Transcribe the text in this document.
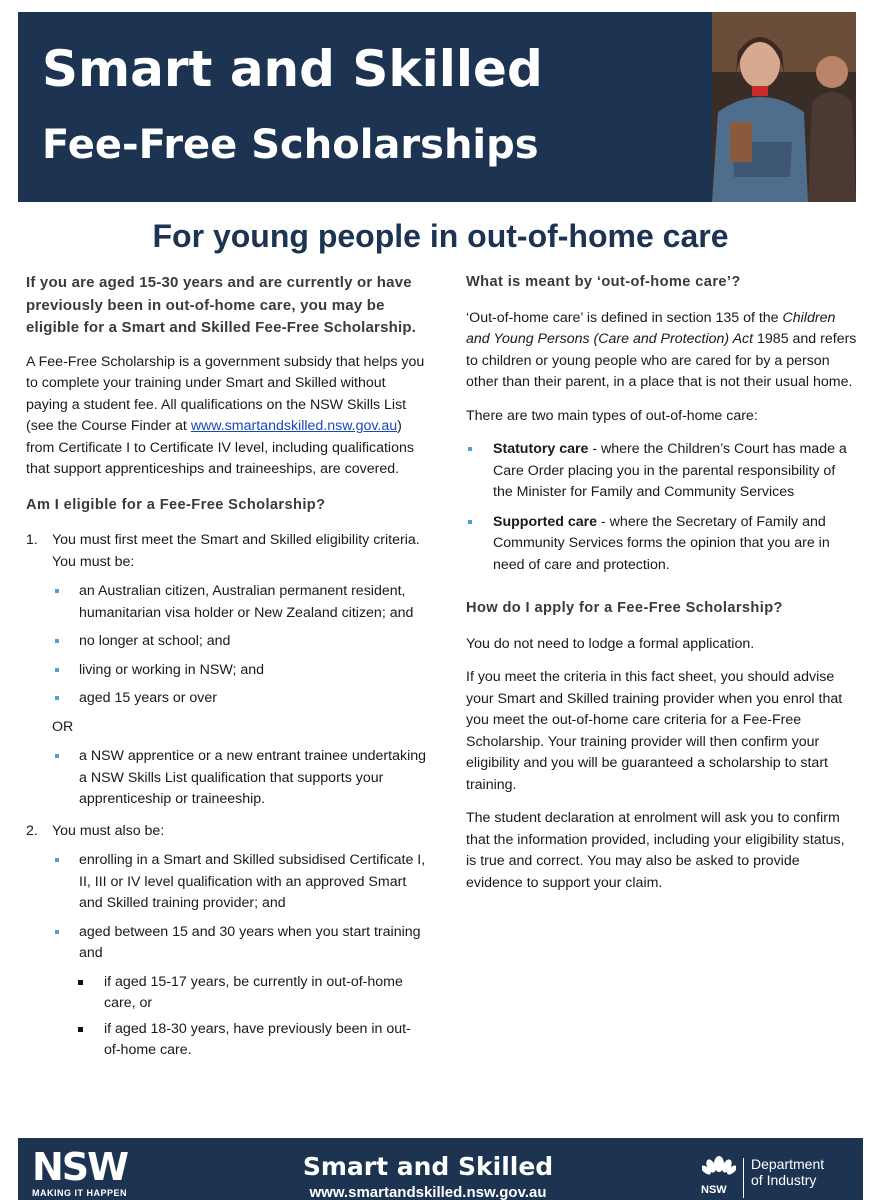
Smart and Skilled
Fee-Free Scholarships
For young people in out-of-home care
If you are aged 15-30 years and are currently or have previously been in out-of-home care, you may be eligible for a Smart and Skilled Fee-Free Scholarship.

A Fee-Free Scholarship is a government subsidy that helps you to complete your training under Smart and Skilled without paying a student fee. All qualifications on the NSW Skills List (see the Course Finder at www.smartandskilled.nsw.gov.au) from Certificate I to Certificate IV level, including qualifications that support apprenticeships and traineeships, are covered.

Am I eligible for a Fee-Free Scholarship?
1. You must first meet the Smart and Skilled eligibility criteria. You must be:
an Australian citizen, Australian permanent resident, humanitarian visa holder or New Zealand citizen; and
no longer at school; and
living or working in NSW; and
aged 15 years or over
OR
a NSW apprentice or a new entrant trainee undertaking a NSW Skills List qualification that supports your apprenticeship or traineeship.
2. You must also be:
enrolling in a Smart and Skilled subsidised Certificate I, II, III or IV level qualification with an approved Smart and Skilled training provider; and
aged between 15 and 30 years when you start training and
if aged 15-17 years, be currently in out-of-home care, or
if aged 18-30 years, have previously been in out-of-home care.
What is meant by ‘out-of-home care’?

‘Out-of-home care’ is defined in section 135 of the Children and Young Persons (Care and Protection) Act 1985 and refers to children or young people who are cared for by a person other than their parent, in a place that is not their usual home.

There are two main types of out-of-home care:

Statutory care - where the Children’s Court has made a Care Order placing you in the parental responsibility of the Minister for Family and Community Services
Supported care - where the Secretary of Family and Community Services forms the opinion that you are in need of care and protection.
How do I apply for a Fee-Free Scholarship?

You do not need to lodge a formal application.

If you meet the criteria in this fact sheet, you should advise your Smart and Skilled training provider when you enrol that you meet the out-of-home care criteria for a Fee-Free Scholarship. Your training provider will then confirm your eligibility and you will be guaranteed a scholarship to start training.

The student declaration at enrolment will ask you to confirm that the information provided, including your eligibility status, is true and correct. You may also be asked to provide evidence to support your claim.

NSW
MAKING IT HAPPEN
Smart and Skilled
www.smartandskilled.nsw.gov.au	NSW
Department
of Industry
